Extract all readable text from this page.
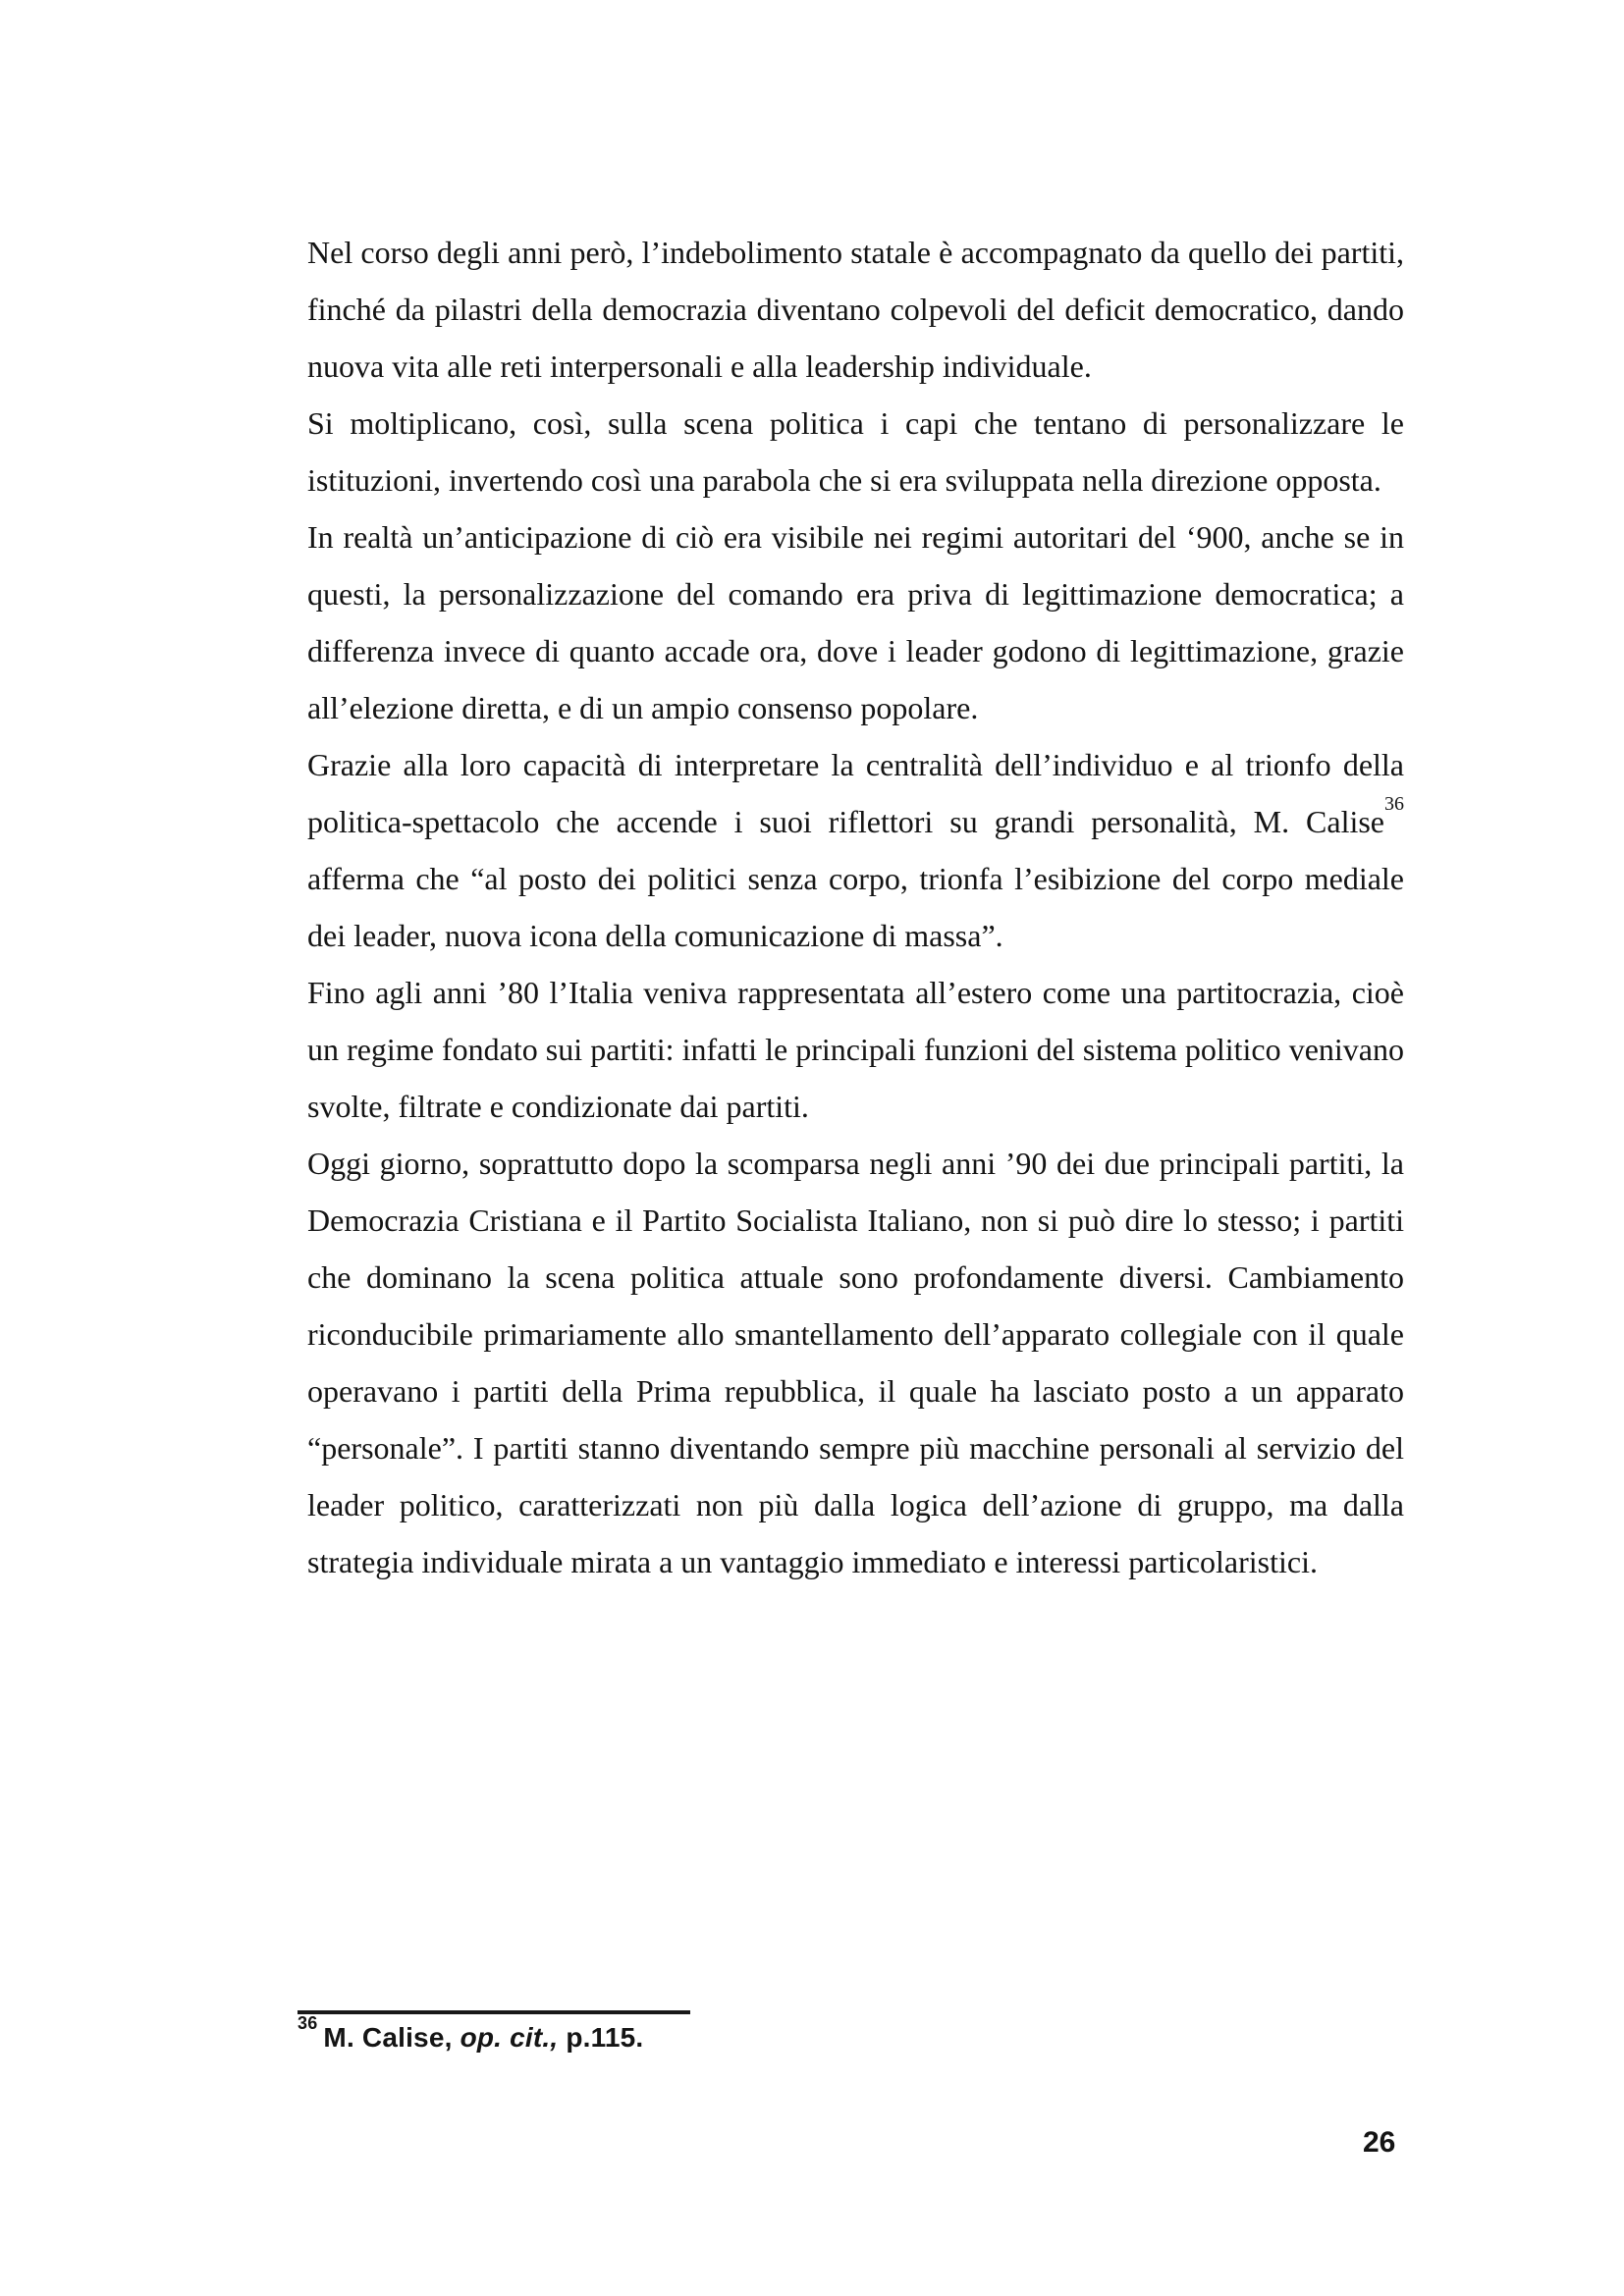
Nel corso degli anni però, l’indebolimento statale è accompagnato da quello dei partiti, finché da pilastri della democrazia diventano colpevoli del deficit democratico, dando nuova vita alle reti interpersonali e alla leadership individuale.

Si moltiplicano, così, sulla scena politica i capi che tentano di personalizzare le istituzioni, invertendo così una parabola che si era sviluppata nella direzione opposta.

In realtà un’anticipazione di ciò era visibile nei regimi autoritari del ‘900, anche se in questi, la personalizzazione del comando era priva di legittimazione democratica; a differenza invece di quanto accade ora, dove i leader godono di legittimazione, grazie all’elezione diretta, e di un ampio consenso popolare.

Grazie alla loro capacità di interpretare la centralità dell’individuo e al trionfo della politica-spettacolo che accende i suoi riflettori su grandi personalità, M. Calise$^{36}$ afferma che “al posto dei politici senza corpo, trionfa l’esibizione del corpo mediale dei leader, nuova icona della comunicazione di massa”.

Fino agli anni ’80 l’Italia veniva rappresentata all’estero come una partitocrazia, cioè un regime fondato sui partiti: infatti le principali funzioni del sistema politico venivano svolte, filtrate e condizionate dai partiti.

Oggi giorno, soprattutto dopo la scomparsa negli anni ’90 dei due principali partiti, la Democrazia Cristiana e il Partito Socialista Italiano, non si può dire lo stesso; i partiti che dominano la scena politica attuale sono profondamente diversi. Cambiamento riconducibile primariamente allo smantellamento dell’apparato collegiale con il quale operavano i partiti della Prima repubblica, il quale ha lasciato posto a un apparato “personale”. I partiti stanno diventando sempre più macchine personali al servizio del leader politico, caratterizzati non più dalla logica dell’azione di gruppo, ma dalla strategia individuale mirata a un vantaggio immediato e interessi particolaristici.

$^{36}$ M. Calise, op. cit., p.115.

26
